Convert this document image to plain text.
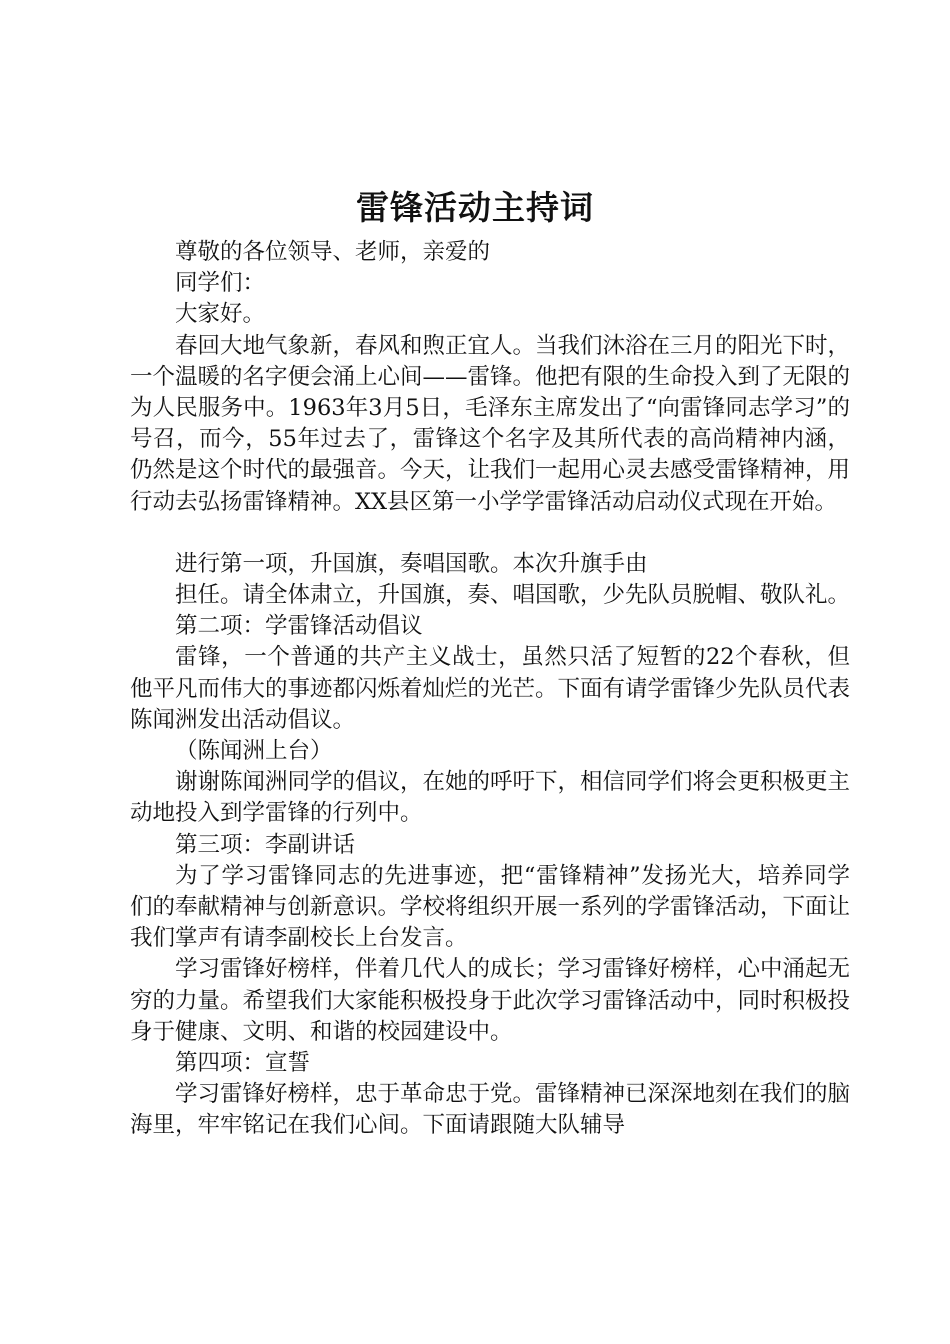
雷锋活动主持词

尊敬的各位领导、老师，亲爱的

同学们：

大家好。

春回大地气象新，春风和煦正宜人。当我们沐浴在三月的阳光下时，一个温暖的名字便会涌上心间——雷锋。他把有限的生命投入到了无限的为人民服务中。1963年3月5日，毛泽东主席发出了“向雷锋同志学习”的号召，而今，55年过去了，雷锋这个名字及其所代表的高尚精神内涵，仍然是这个时代的最强音。今天，让我们一起用心灵去感受雷锋精神，用行动去弘扬雷锋精神。XX县区第一小学学雷锋活动启动仪式现在开始。

进行第一项，升国旗，奏唱国歌。本次升旗手由

担任。请全体肃立，升国旗，奏、唱国歌，少先队员脱帽、敬队礼。

第二项：学雷锋活动倡议

雷锋，一个普通的共产主义战士，虽然只活了短暂的22个春秋，但他平凡而伟大的事迹都闪烁着灿烂的光芒。下面有请学雷锋少先队员代表陈闻洲发出活动倡议。

（陈闻洲上台）

谢谢陈闻洲同学的倡议，在她的呼吁下，相信同学们将会更积极更主动地投入到学雷锋的行列中。

第三项：李副讲话

为了学习雷锋同志的先进事迹，把“雷锋精神”发扬光大，培养同学们的奉献精神与创新意识。学校将组织开展一系列的学雷锋活动，下面让我们掌声有请李副校长上台发言。

学习雷锋好榜样，伴着几代人的成长；学习雷锋好榜样，心中涌起无穷的力量。希望我们大家能积极投身于此次学习雷锋活动中，同时积极投身于健康、文明、和谐的校园建设中。

第四项：宣誓

学习雷锋好榜样，忠于革命忠于党。雷锋精神已深深地刻在我们的脑海里，牢牢铭记在我们心间。下面请跟随大队辅导
